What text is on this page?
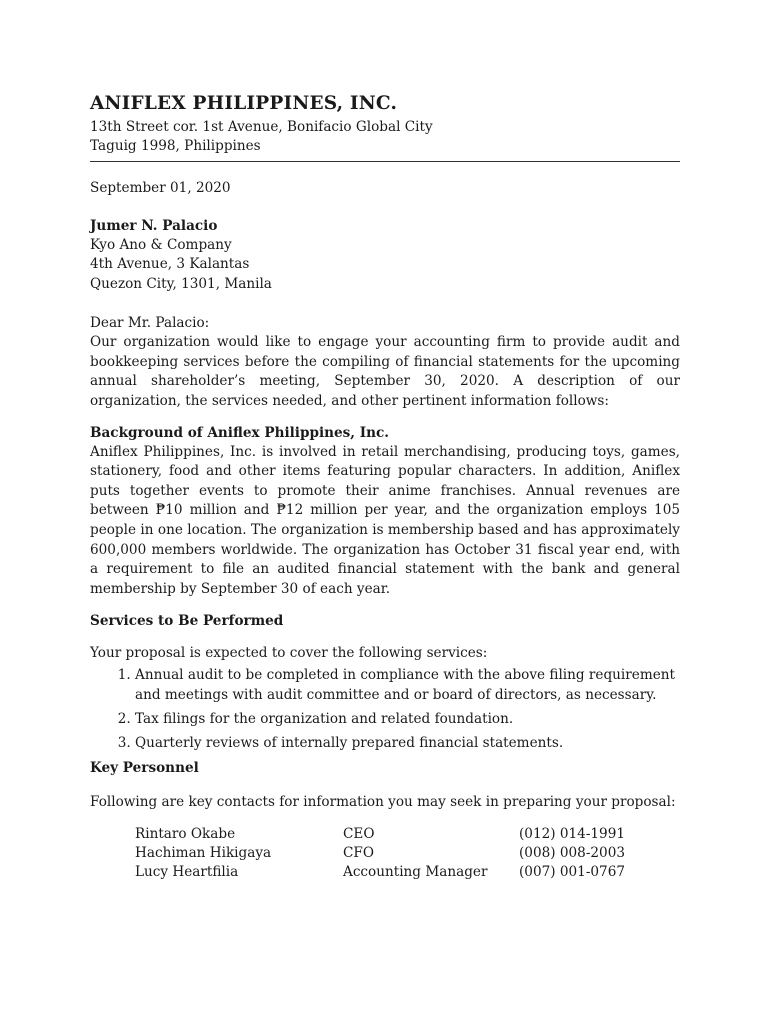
ANIFLEX PHILIPPINES, INC.
13th Street cor. 1st Avenue, Bonifacio Global City
Taguig 1998, Philippines
September 01, 2020
Jumer N. Palacio
Kyo Ano & Company
4th Avenue, 3 Kalantas
Quezon City, 1301, Manila
Dear Mr. Palacio:

Our organization would like to engage your accounting firm to provide audit and bookkeeping services before the compiling of financial statements for the upcoming annual shareholder’s meeting, September 30, 2020. A description of our organization, the services needed, and other pertinent information follows:

Background of Aniflex Philippines, Inc.

Aniflex Philippines, Inc. is involved in retail merchandising, producing toys, games, stationery, food and other items featuring popular characters. In addition, Aniflex puts together events to promote their anime franchises. Annual revenues are between ₱10 million and ₱12 million per year, and the organization employs 105 people in one location. The organization is membership based and has approximately 600,000 members worldwide. The organization has October 31 fiscal year end, with a requirement to file an audited financial statement with the bank and general membership by September 30 of each year.

Services to Be Performed
Your proposal is expected to cover the following services:
1. Annual audit to be completed in compliance with the above filing requirement and meetings with audit committee and or board of directors, as necessary.
2. Tax filings for the organization and related foundation.
3. Quarterly reviews of internally prepared financial statements.
Key Personnel
Following are key contacts for information you may seek in preparing your proposal:
Rintaro Okabe	CEO	(012) 014-1991
Hachiman Hikigaya	CFO	(008) 008-2003
Lucy Heartfilia	Accounting Manager	(007) 001-0767
